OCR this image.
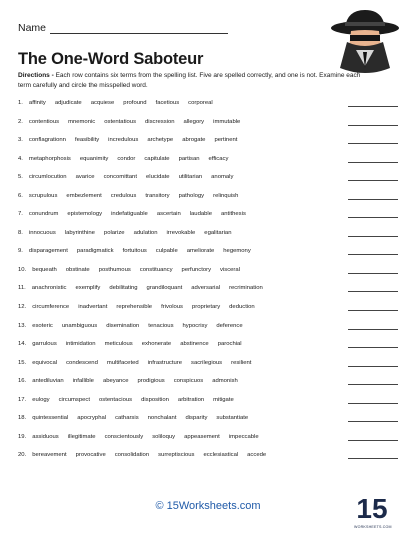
Name
The One-Word Saboteur
Directions - Each row contains six terms from the spelling list. Five are spelled correctly, and one is not. Examine each term carefully and circle the misspelled word.
1. affinity adjudicate acquiese profound facetious corporeal
2. contentious mnemonic ostentatious discression allegory immutable
3. conflagrationn feasibility incredulous archetype abrogate pertinent
4. metaphorphosis equanimity condor capitulate partisan efficacy
5. circumlocution avarice concomittant elucidate utilitarian anomaly
6. scrupulous embezlement credulous transitory pathology relinquish
7. conundrum epistemology indefatiguable ascertain laudable antithesis
8. innocuous labyrinthine polarize adulation irrevokable egalitarian
9. disparagement paradigmatick fortuitous culpable ameliorate hegemony
10. bequeath obstinate posthumous constituancy perfunctory visceral
11. anachronistic exemplify debilitating grandiloquant adversarial recrimination
12. circumference inadvertant reprehensible frivolous proprietary deduction
13. esoteric unambiguous disemination tenacious hypocrisy deference
14. garrulous intimidation meticulous exhonerate abstinence parochial
15. equivocal condescend multifaceted infrastructure sacrilegious resilient
16. antediluvian infallible abeyance prodigious conspicuos admonish
17. eulogy circumspect ostentacious disposition arbitration mitigate
18. quintessential apocryphal catharsis nonchalant disparity substantiate
19. assiduous illegitimate conscientously soliloquy appeasement impeccable
20. bereavement provocative consolidation surreptiscious ecclesiastical accede
© 15Worksheets.com	15
WORKSHEETS.COM
